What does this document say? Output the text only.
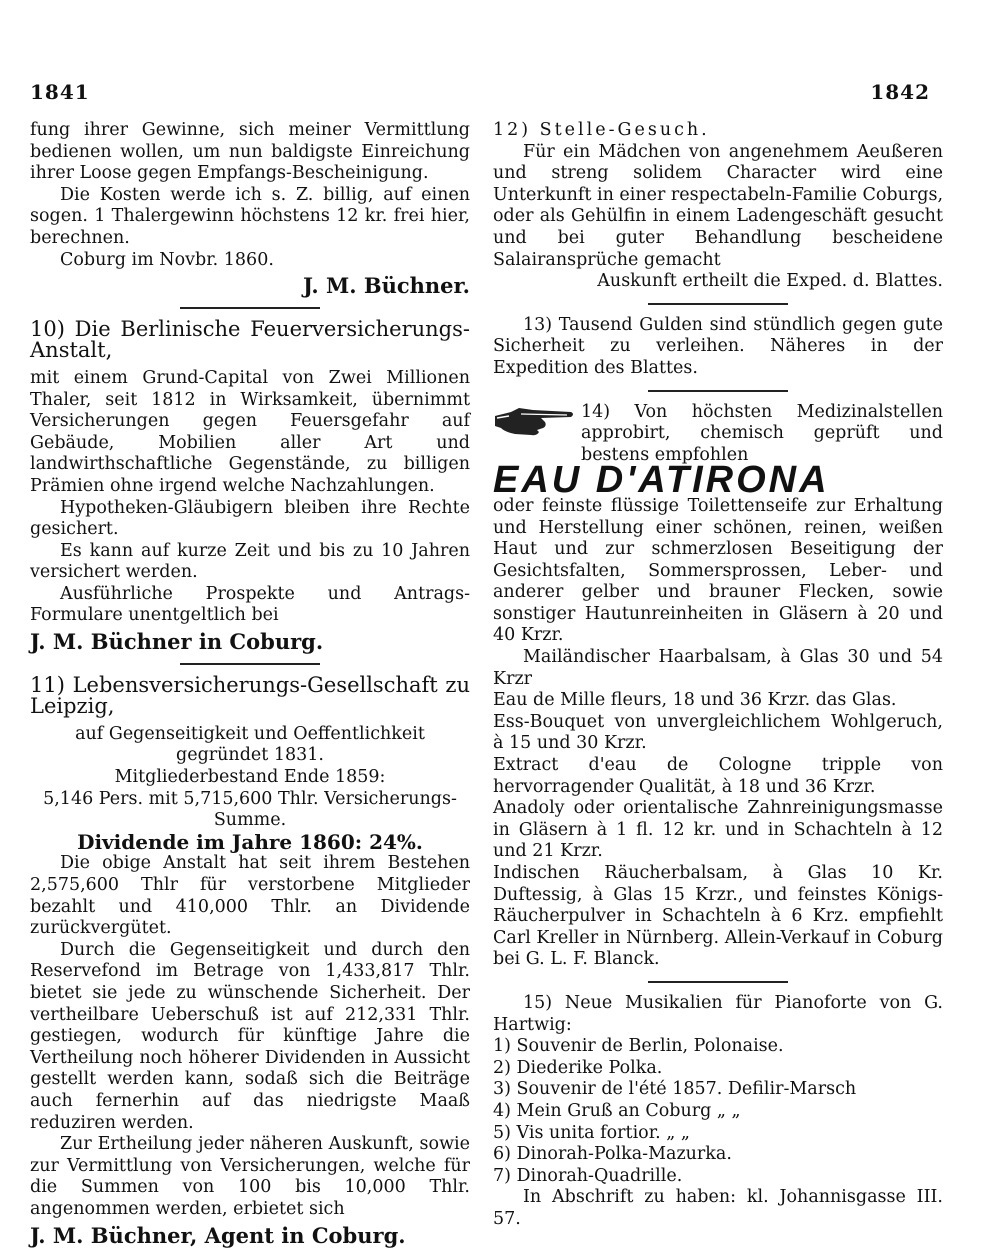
1841	1842

fung ihrer Gewinne, sich meiner Vermittlung bedienen wollen, um nun baldigste Einreichung ihrer Loose gegen Empfangs-Bescheinigung.

Die Kosten werde ich s. Z. billig, auf einen sogen. 1 Thalergewinn höchstens 12 kr. frei hier, berechnen.

Coburg im Novbr. 1860.

J. M. Büchner.

10) Die Berlinische Feuerversicherungs-Anstalt,

mit einem Grund-Capital von Zwei Millionen Thaler, seit 1812 in Wirksamkeit, übernimmt Versicherungen gegen Feuersgefahr auf Gebäude, Mobilien aller Art und landwirthschaftliche Gegenstände, zu billigen Prämien ohne irgend welche Nachzahlungen.

Hypotheken-Gläubigern bleiben ihre Rechte gesichert.

Es kann auf kurze Zeit und bis zu 10 Jahren versichert werden.

Ausführliche Prospekte und Antrags-Formulare unentgeltlich bei

J. M. Büchner in Coburg.

11) Lebensversicherungs-Gesellschaft zu Leipzig,

auf Gegenseitigkeit und Oeffentlichkeit gegründet 1831.

Mitgliederbestand Ende 1859:

5,146 Pers. mit 5,715,600 Thlr. Versicherungs-Summe.

Dividende im Jahre 1860: 24%.

Die obige Anstalt hat seit ihrem Bestehen 2,575,600 Thlr für verstorbene Mitglieder bezahlt und 410,000 Thlr. an Dividende zurückvergütet.

Durch die Gegenseitigkeit und durch den Reservefond im Betrage von 1,433,817 Thlr. bietet sie jede zu wünschende Sicherheit. Der vertheilbare Ueberschuß ist auf 212,331 Thlr. gestiegen, wodurch für künftige Jahre die Vertheilung noch höherer Dividenden in Aussicht gestellt werden kann, sodaß sich die Beiträge auch fernerhin auf das niedrigste Maaß reduziren werden.

Zur Ertheilung jeder näheren Auskunft, sowie zur Vermittlung von Versicherungen, welche für die Summen von 100 bis 10,000 Thlr. angenommen werden, erbietet sich

J. M. Büchner, Agent in Coburg.

12) Stelle-Gesuch.

Für ein Mädchen von angenehmem Aeußeren und streng solidem Character wird eine Unterkunft in einer respectabeln-Familie Coburgs, oder als Gehülfin in einem Ladengeschäft gesucht und bei guter Behandlung bescheidene Salairansprüche gemacht

Auskunft ertheilt die Exped. d. Blattes.

13) Tausend Gulden sind stündlich gegen gute Sicherheit zu verleihen. Näheres in der Expedition des Blattes.

14) Von höchsten Medizinalstellen approbirt, chemisch geprüft und bestens empfohlen

EAU D'ATIRONA

oder feinste flüssige Toilettenseife zur Erhaltung und Herstellung einer schönen, reinen, weißen Haut und zur schmerzlosen Beseitigung der Gesichtsfalten, Sommersprossen, Leber- und anderer gelber und brauner Flecken, sowie sonstiger Hautunreinheiten in Gläsern à 20 und 40 Krzr.

Mailändischer Haarbalsam, à Glas 30 und 54 Krzr

Eau de Mille fleurs, 18 und 36 Krzr. das Glas.

Ess-Bouquet von unvergleichlichem Wohlgeruch, à 15 und 30 Krzr.

Extract d'eau de Cologne tripple von hervorragender Qualität, à 18 und 36 Krzr.

Anadoly oder orientalische Zahnreinigungsmasse in Gläsern à 1 fl. 12 kr. und in Schachteln à 12 und 21 Krzr.

Indischen Räucherbalsam, à Glas 10 Kr. Duftessig, à Glas 15 Krzr., und feinstes Königs-Räucherpulver in Schachteln à 6 Krz. empfiehlt Carl Kreller in Nürnberg. Allein-Verkauf in Coburg bei G. L. F. Blanck.

15) Neue Musikalien für Pianoforte von G. Hartwig:

1) Souvenir de Berlin, Polonaise.
2) Diederike Polka.
3) Souvenir de l'été 1857. Defilir-Marsch
4) Mein Gruß an Coburg „ „
5) Vis unita fortior. „ „
6) Dinorah-Polka-Mazurka.
7) Dinorah-Quadrille.

In Abschrift zu haben: kl. Johannisgasse III. 57.
